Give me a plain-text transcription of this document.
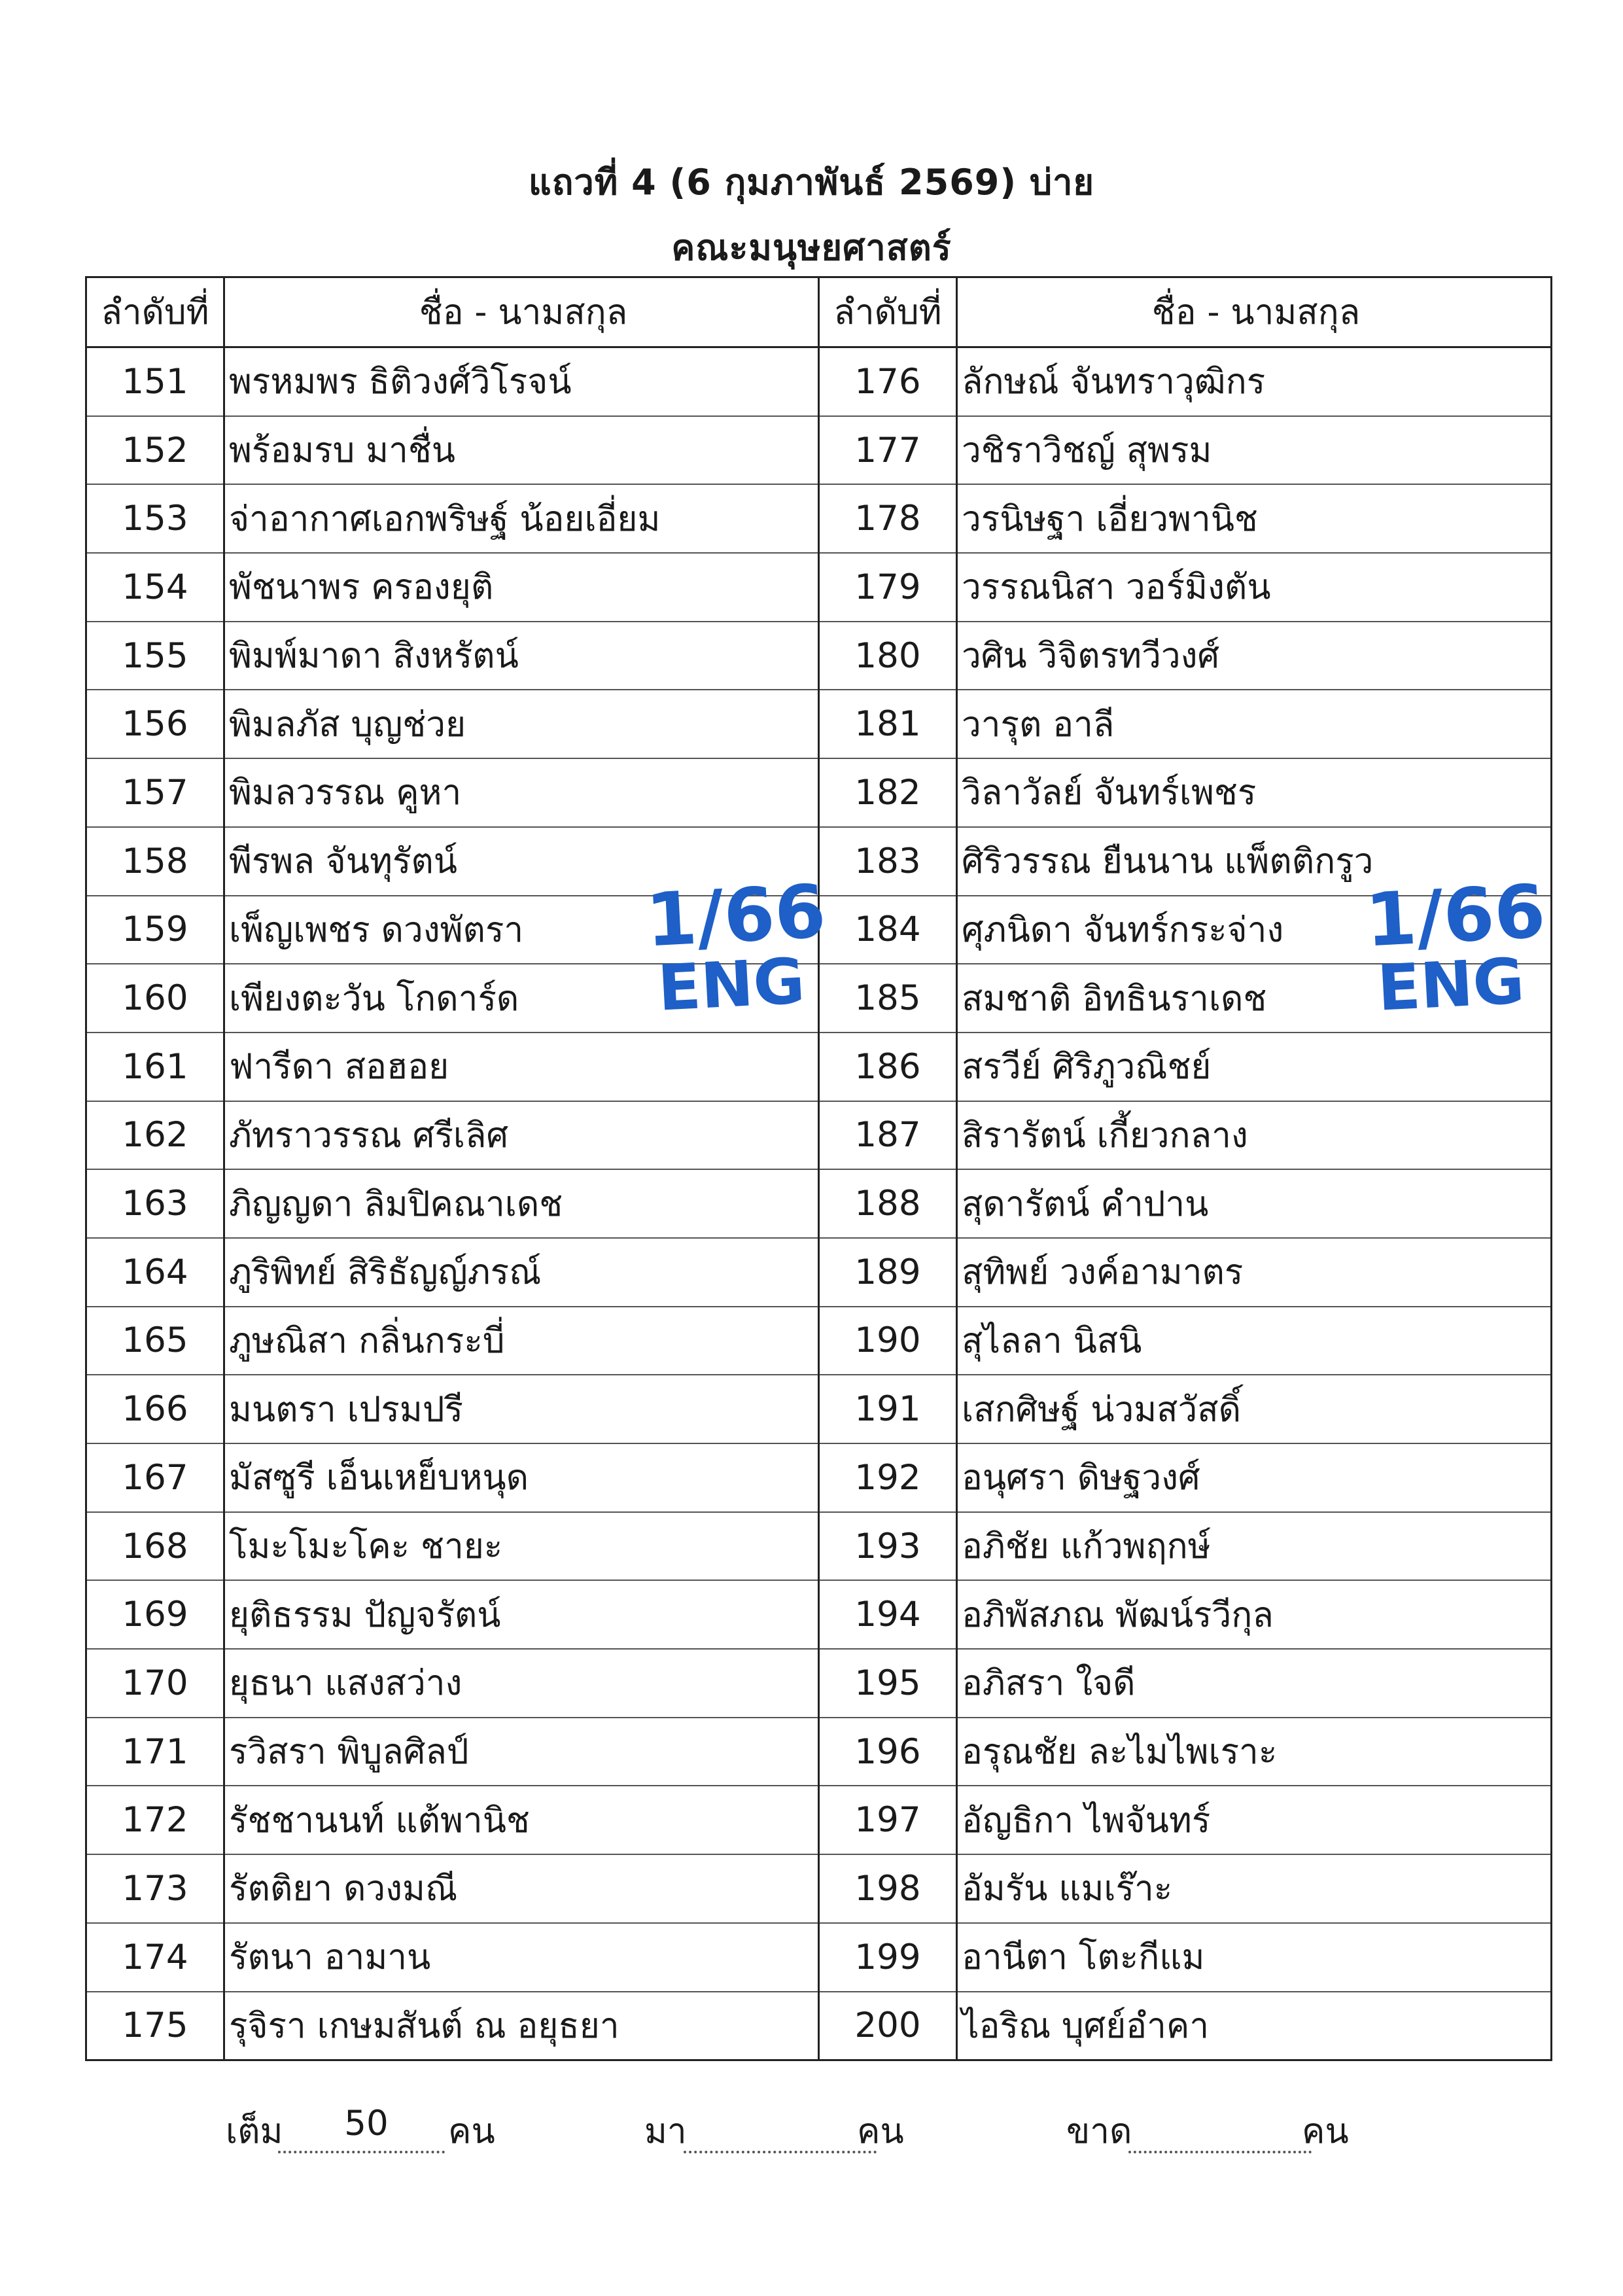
แถวที่ 4 (6 กุมภาพันธ์ 2569) บ่าย
คณะมนุษยศาสตร์
ลำดับที่	ชื่อ - นามสกุล	ลำดับที่	ชื่อ - นามสกุล
151	พรหมพร ธิติวงศ์วิโรจน์	176	ลักษณ์ จันทราวุฒิกร
152	พร้อมรบ มาชื่น	177	วชิราวิชญ์ สุพรม
153	จ่าอากาศเอกพริษฐ์ น้อยเอี่ยม	178	วรนิษฐา เอี่ยวพานิช
154	พัชนาพร ครองยุติ	179	วรรณนิสา วอร์มิงตัน
155	พิมพ์มาดา สิงหรัตน์	180	วศิน วิจิตรทวีวงศ์
156	พิมลภัส บุญช่วย	181	วารุต อาลี
157	พิมลวรรณ คูหา	182	วิลาวัลย์ จันทร์เพชร
158	พีรพล จันทุรัตน์	183	ศิริวรรณ ยืนนาน แพ็ตติกรูว
159	เพ็ญเพชร ดวงพัตรา	184	ศุภนิดา จันทร์กระจ่าง
160	เพียงตะวัน โกดาร์ด	185	สมชาติ อิทธินราเดช
161	ฟารีดา สอฮอย	186	สรวีย์ ศิริภูวณิชย์
162	ภัทราวรรณ ศรีเลิศ	187	สิรารัตน์ เกี้ยวกลาง
163	ภิญญดา ลิมปิคณาเดช	188	สุดารัตน์ คำปาน
164	ภูริพิทย์ สิริธัญญ์ภรณ์	189	สุทิพย์ วงค์อามาตร
165	ภูษณิสา กลิ่นกระบี่	190	สุไลลา นิสนิ
166	มนตรา เปรมปรี	191	เสกศิษฐ์ น่วมสวัสดิ์
167	มัสซูรี เอ็นเหย็บหนุด	192	อนุศรา ดิษฐวงศ์
168	โมะโมะโคะ ชายะ	193	อภิชัย แก้วพฤกษ์
169	ยุติธรรม ปัญจรัตน์	194	อภิพัสภณ พัฒน์รวีกุล
170	ยุธนา แสงสว่าง	195	อภิสรา ใจดี
171	รวิสรา พิบูลศิลป์	196	อรุณชัย ละไมไพเราะ
172	รัชชานนท์ แต้พานิช	197	อัญธิกา ไพจันทร์
173	รัตติยา ดวงมณี	198	อัมรัน แมเร๊าะ
174	รัตนา อามาน	199	อานีตา โตะกีแม
175	รุจิรา เกษมสันต์ ณ อยุธยา	200	ไอริณ บุศย์อำคา
1/66
ENG
1/66
ENG
เต็ม	50	คน	มา	คน	ขาด	คน
